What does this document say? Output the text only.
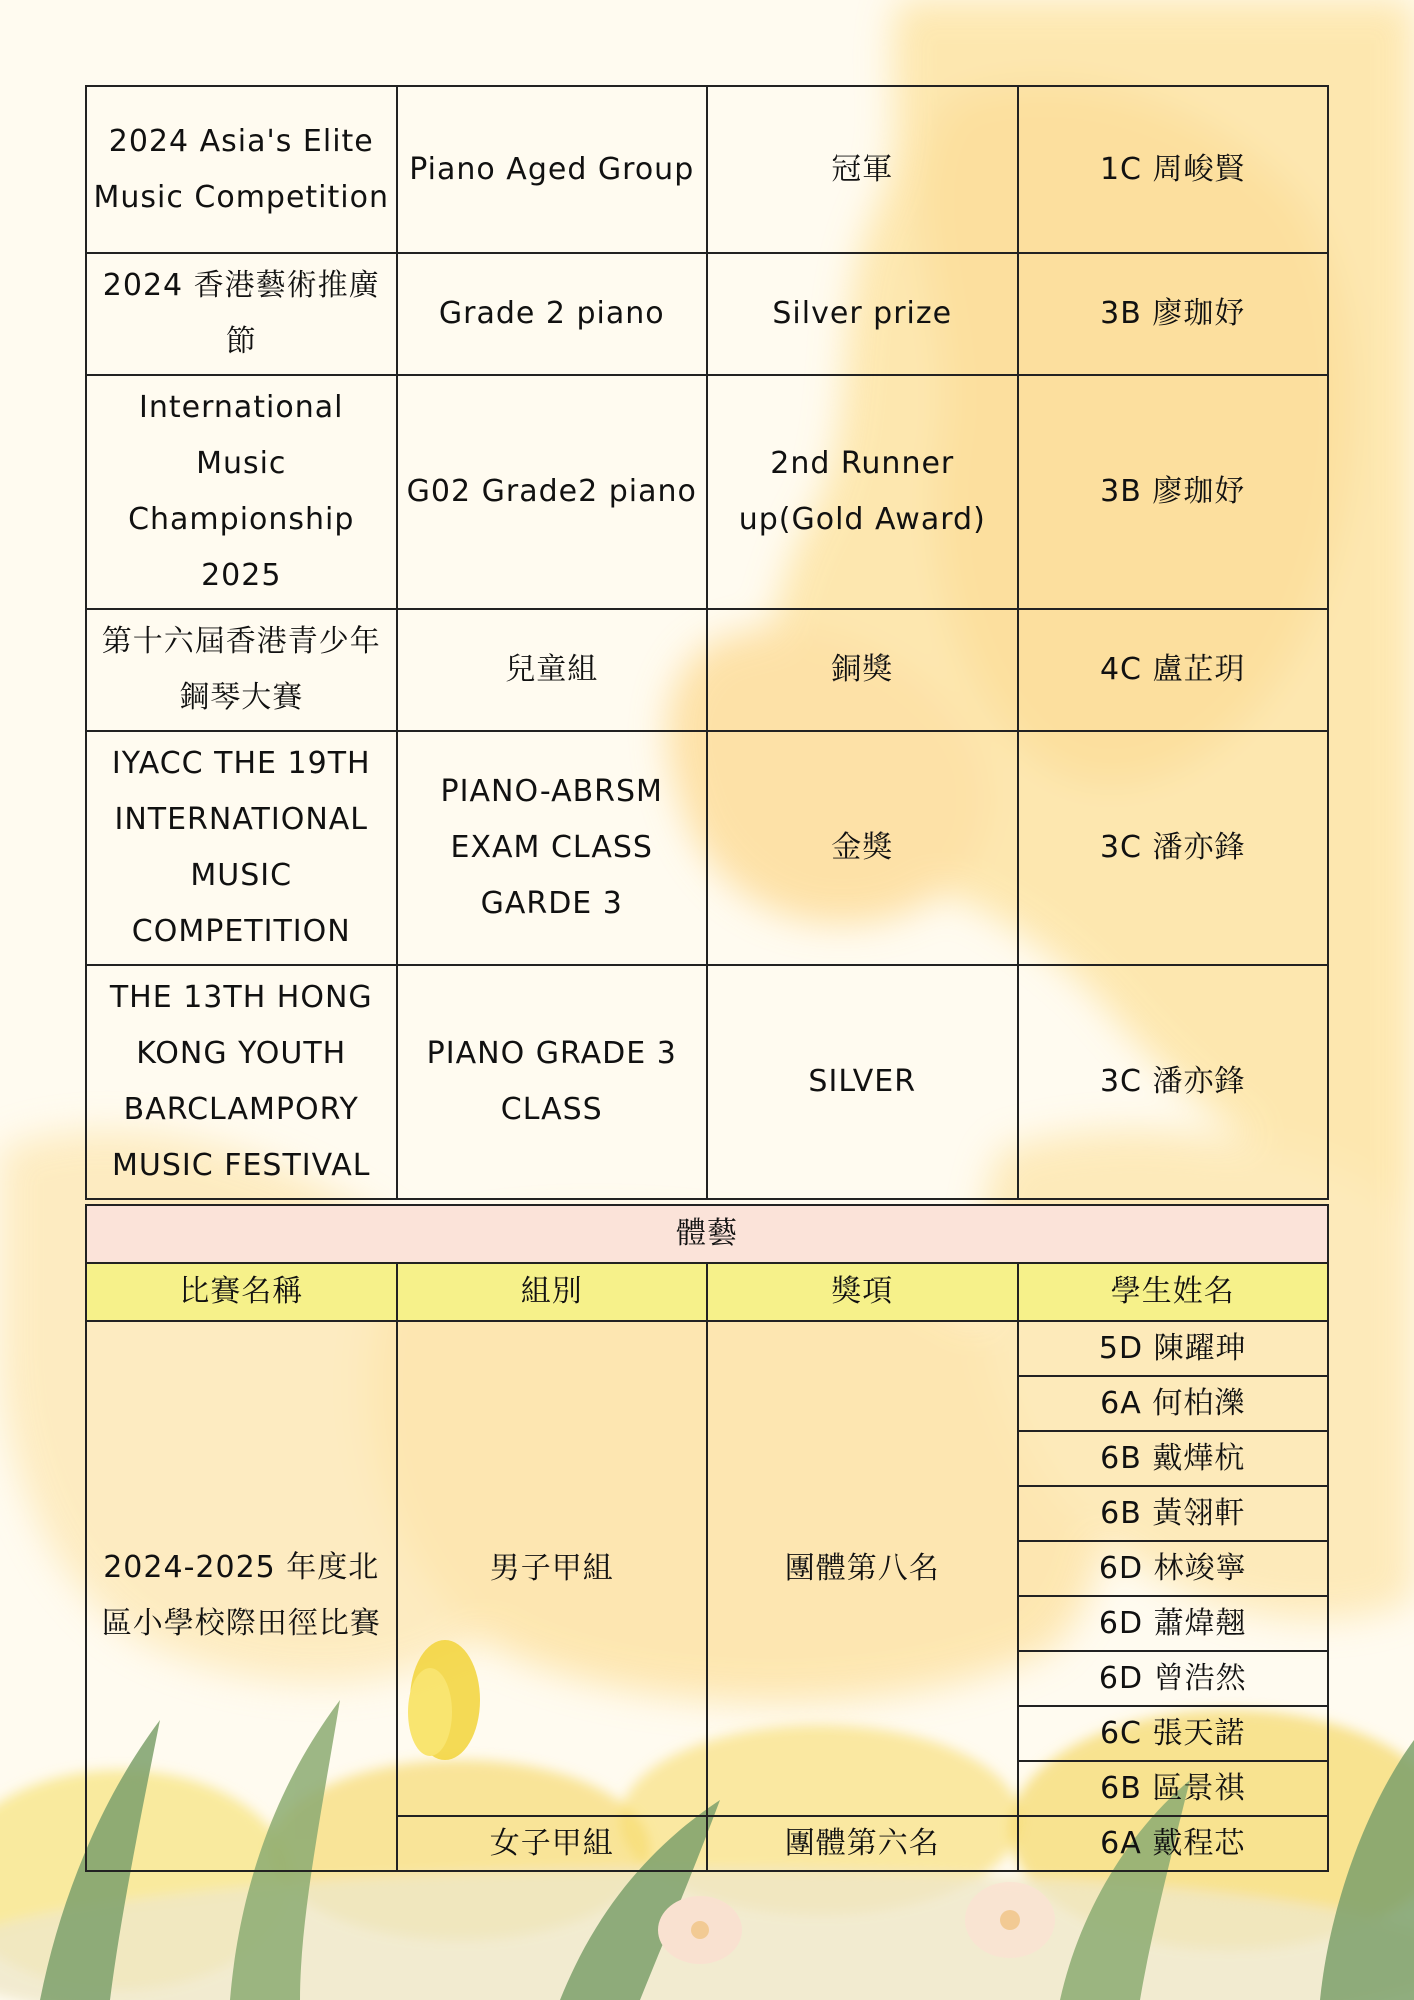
2024 Asia's Elite Music Competition	Piano Aged Group	冠軍	1C 周峻賢
2024 香港藝術推廣節	Grade 2 piano	Silver prize	3B 廖珈妤
International Music Championship 2025	G02 Grade2 piano	2nd Runner up(Gold Award)	3B 廖珈妤
第十六屆香港青少年鋼琴大賽	兒童組	銅獎	4C 盧芷玥
IYACC THE 19TH INTERNATIONAL MUSIC COMPETITION	PIANO-ABRSM EXAM CLASS GARDE 3	金獎	3C 潘亦鋒
THE 13TH HONG KONG YOUTH BARCLAMPORY MUSIC FESTIVAL	PIANO GRADE 3 CLASS	SILVER	3C 潘亦鋒
體藝			
比賽名稱	組別	獎項	學生姓名
2024-2025 年度北區小學校際田徑比賽	男子甲組	團體第八名	5D 陳躍珅
			6A 何柏濼
			6B 戴燁杭
			6B 黃翎軒
			6D 林竣寧
			6D 蕭煒翹
			6D 曾浩然
			6C 張天諾
			6B 區景祺
	女子甲組	團體第六名	6A 戴程芯
